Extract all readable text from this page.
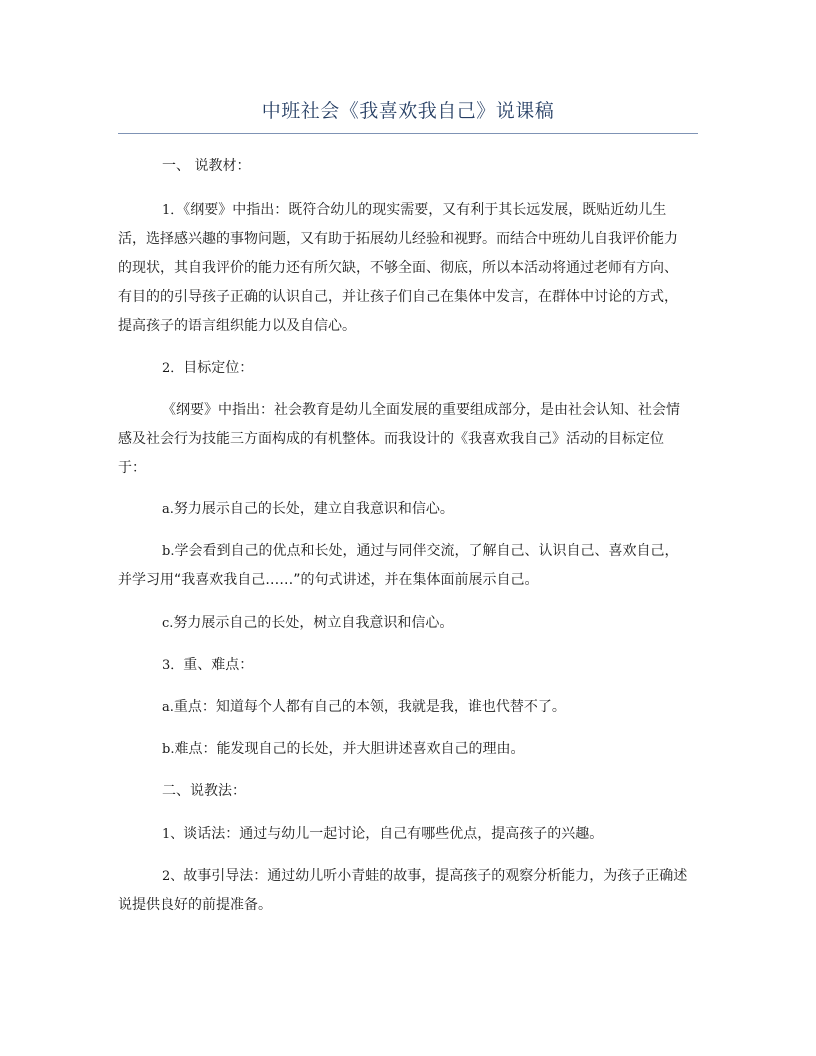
中班社会《我喜欢我自己》说课稿

一、 说教材：

1．《纲要》中指出：既符合幼儿的现实需要，又有利于其长远发展，既贴近幼儿生活，选择感兴趣的事物问题，又有助于拓展幼儿经验和视野。而结合中班幼儿自我评价能力的现状，其自我评价的能力还有所欠缺，不够全面、彻底，所以本活动将通过老师有方向、有目的的引导孩子正确的认识自己，并让孩子们自己在集体中发言，在群体中讨论的方式，提高孩子的语言组织能力以及自信心。

2．目标定位：

《纲要》中指出：社会教育是幼儿全面发展的重要组成部分，是由社会认知、社会情感及社会行为技能三方面构成的有机整体。而我设计的《我喜欢我自己》活动的目标定位于：

a.努力展示自己的长处，建立自我意识和信心。

b.学会看到自己的优点和长处，通过与同伴交流，了解自己、认识自己、喜欢自己，并学习用“我喜欢我自己……”的句式讲述，并在集体面前展示自己。

c.努力展示自己的长处，树立自我意识和信心。

3．重、难点：

a.重点：知道每个人都有自己的本领，我就是我，谁也代替不了。

b.难点：能发现自己的长处，并大胆讲述喜欢自己的理由。

二、说教法：

1、谈话法：通过与幼儿一起讨论，自己有哪些优点，提高孩子的兴趣。

2、故事引导法：通过幼儿听小青蛙的故事，提高孩子的观察分析能力，为孩子正确述说提供良好的前提准备。
